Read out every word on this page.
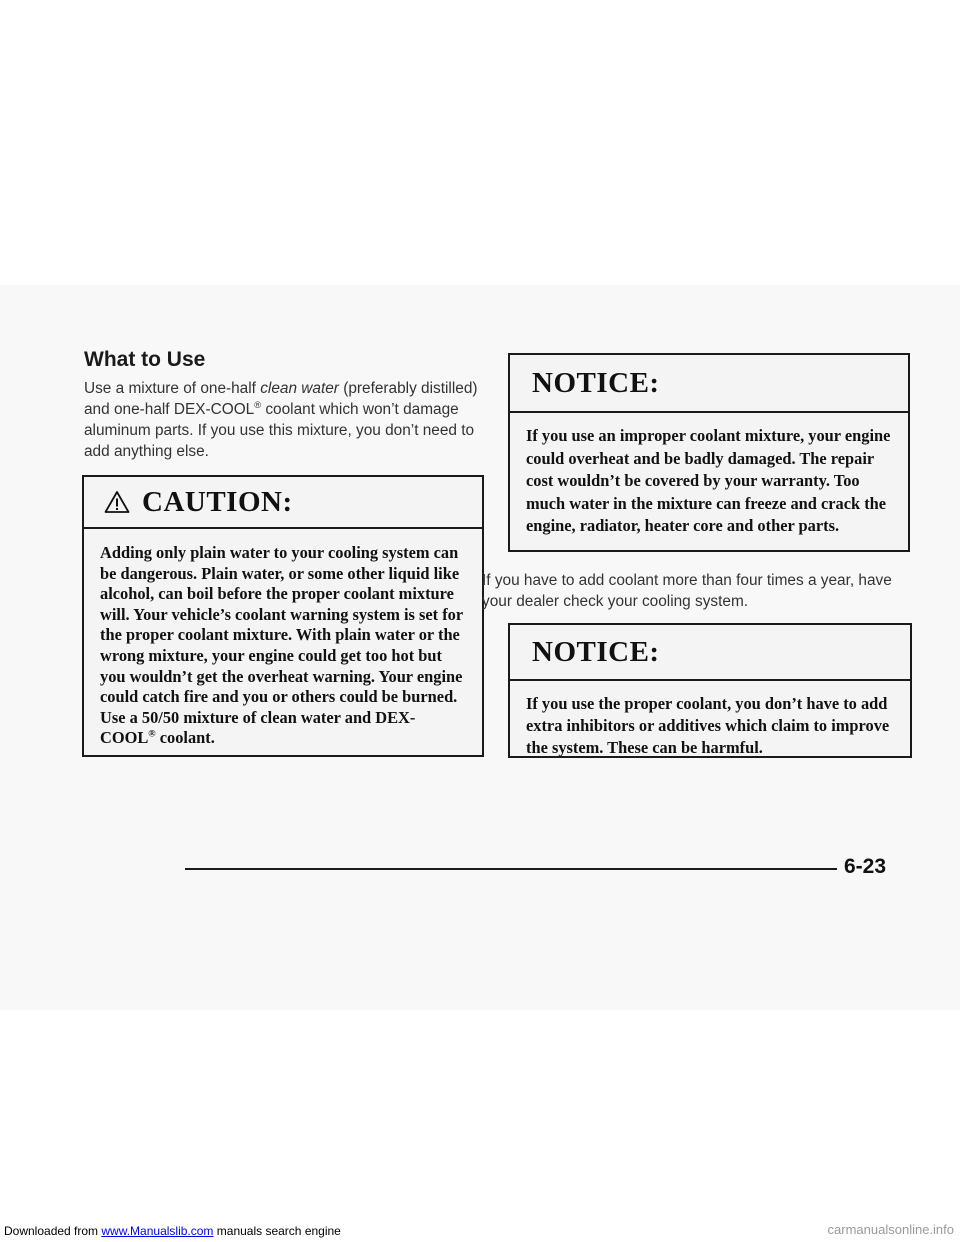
What to Use

Use a mixture of one-half clean water (preferably distilled) and one-half DEX-COOL® coolant which won’t damage aluminum parts. If you use this mixture, you don’t need to add anything else.

CAUTION:
Adding only plain water to your cooling system can be dangerous. Plain water, or some other liquid like alcohol, can boil before the proper coolant mixture will. Your vehicle’s coolant warning system is set for the proper coolant mixture. With plain water or the wrong mixture, your engine could get too hot but you wouldn’t get the overheat warning. Your engine could catch fire and you or others could be burned. Use a 50/50 mixture of clean water and DEX-COOL® coolant.
NOTICE:
If you use an improper coolant mixture, your engine could overheat and be badly damaged. The repair cost wouldn’t be covered by your warranty. Too much water in the mixture can freeze and crack the engine, radiator, heater core and other parts.

If you have to add coolant more than four times a year, have your dealer check your cooling system.

NOTICE:
If you use the proper coolant, you don’t have to add extra inhibitors or additives which claim to improve the system. These can be harmful.
6-23
Downloaded from www.Manualslib.com manuals search engine	carmanualsonline.info
